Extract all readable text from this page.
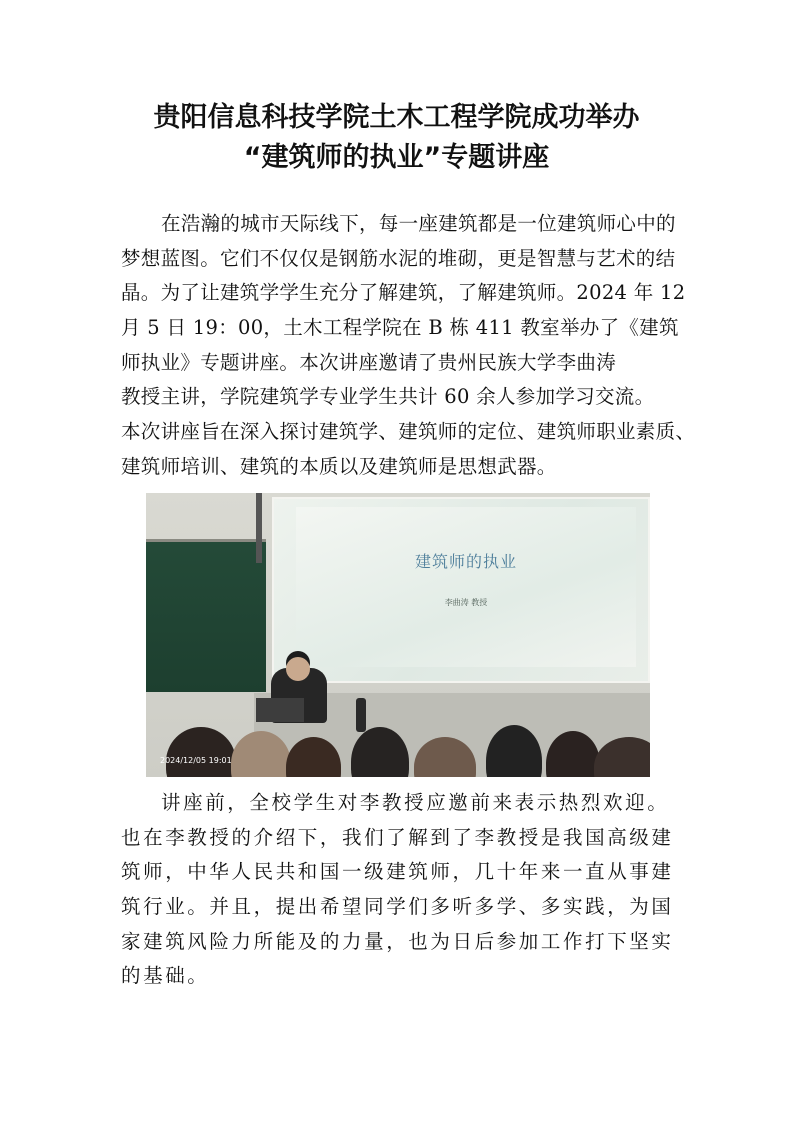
贵阳信息科技学院土木工程学院成功举办
“建筑师的执业”专题讲座
在浩瀚的城市天际线下，每一座建筑都是一位建筑师心中的
梦想蓝图。它们不仅仅是钢筋水泥的堆砌，更是智慧与艺术的结
晶。为了让建筑学学生充分了解建筑，了解建筑师。2024 年 12
月 5 日 19：00，土木工程学院在 B 栋 411 教室举办了《建筑
师执业》专题讲座。本次讲座邀请了贵州民族大学李曲涛
教授主讲，学院建筑学专业学生共计 60 余人参加学习交流。
本次讲座旨在深入探讨建筑学、建筑师的定位、建筑师职业素质、
建筑师培训、建筑的本质以及建筑师是思想武器。
建筑师的执业
李曲涛 教授
2024/12/05 19:01
讲座前，全校学生对李教授应邀前来表示热烈欢迎。
也在李教授的介绍下，我们了解到了李教授是我国高级建
筑师，中华人民共和国一级建筑师，几十年来一直从事建
筑行业。并且，提出希望同学们多听多学、多实践，为国
家建筑风险力所能及的力量，也为日后参加工作打下坚实
的基础。
